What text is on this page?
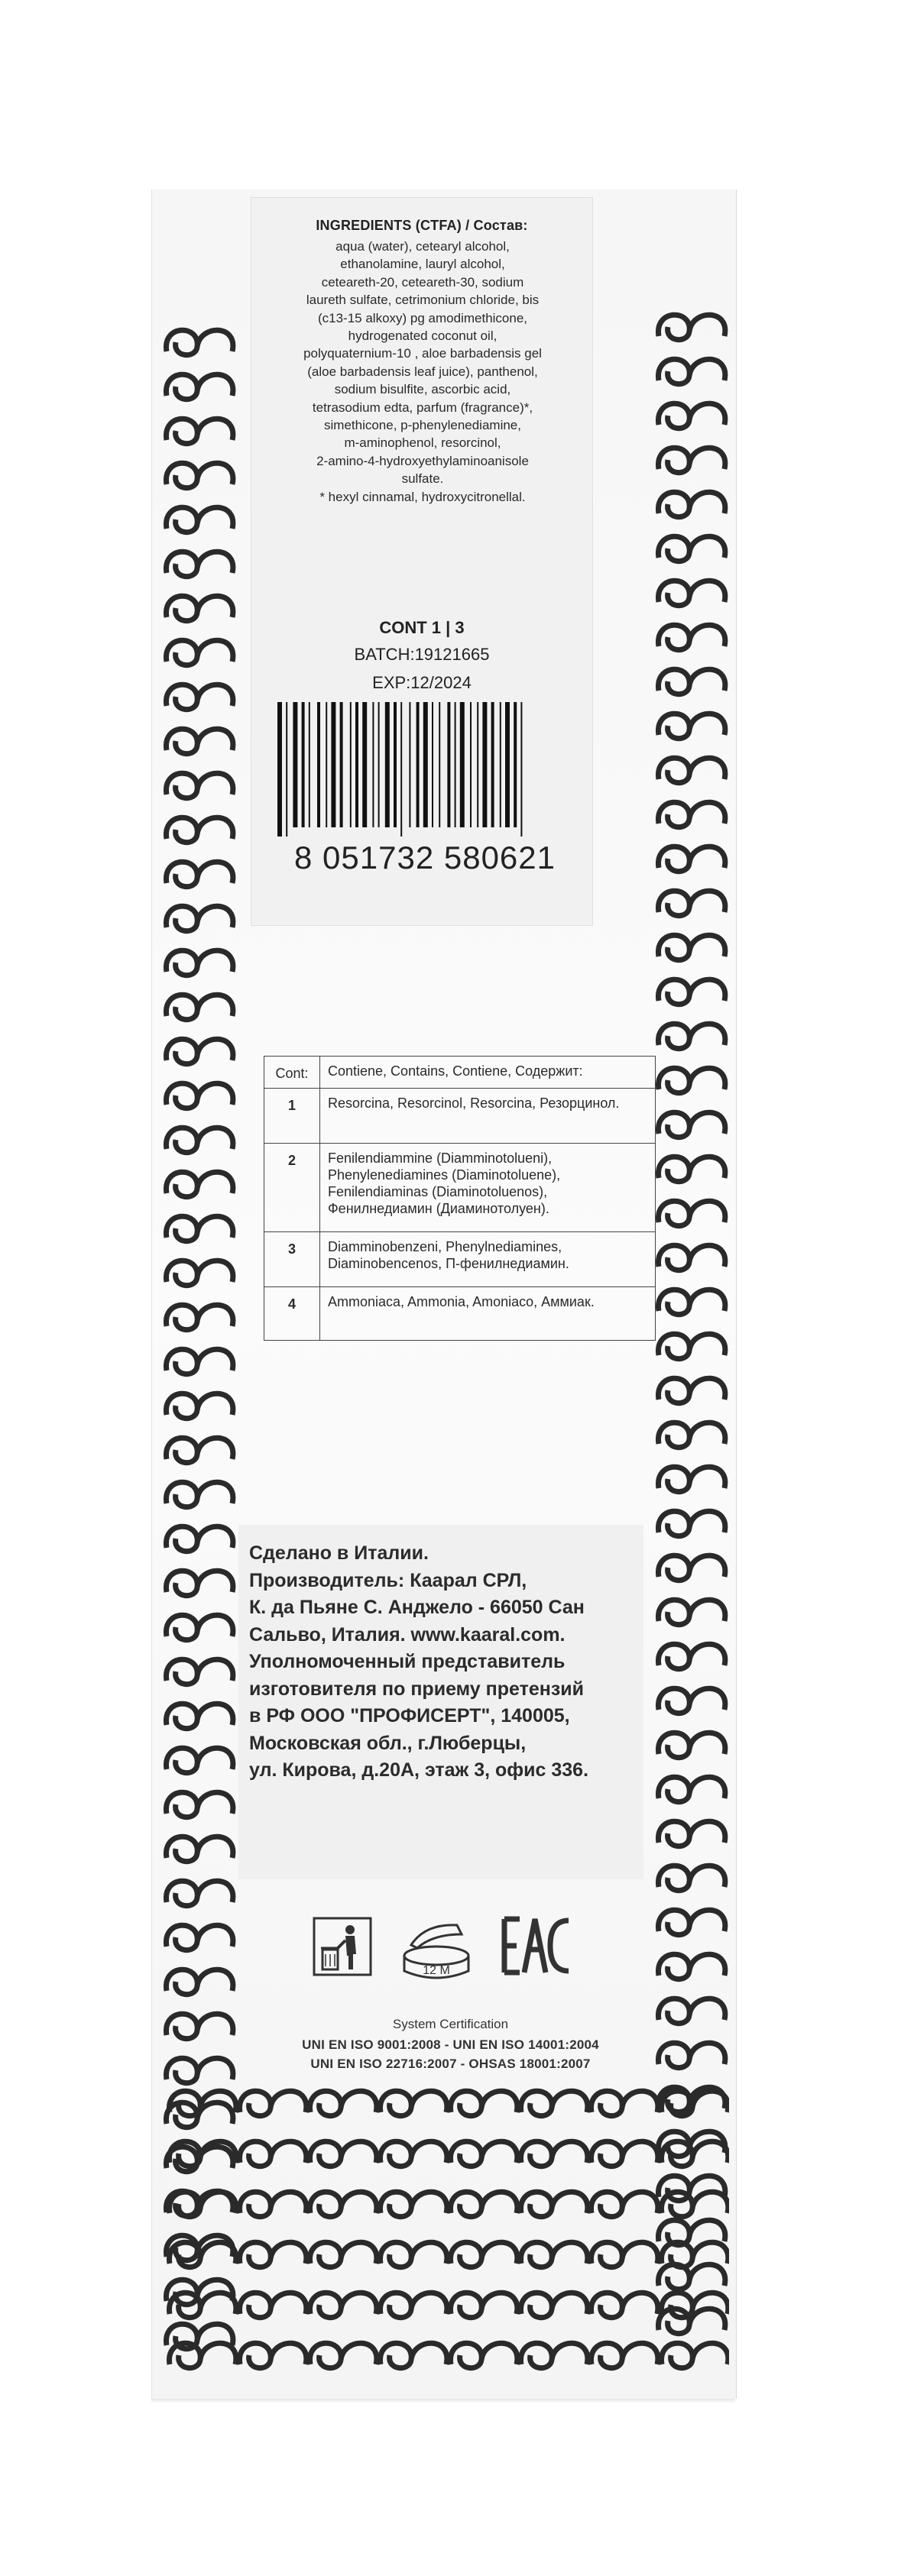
INGREDIENTS (CTFA) / Состав:
aqua (water), cetearyl alcohol,
ethanolamine, lauryl alcohol,
ceteareth-20, ceteareth-30, sodium
laureth sulfate, cetrimonium chloride, bis
(c13-15 alkoxy) pg amodimethicone,
hydrogenated coconut oil,
polyquaternium-10 , aloe barbadensis gel
(aloe barbadensis leaf juice), panthenol,
sodium bisulfite, ascorbic acid,
tetrasodium edta, parfum (fragrance)*,
simethicone, p-phenylenediamine,
m-aminophenol, resorcinol,
2-amino-4-hydroxyethylaminoanisole
sulfate.
* hexyl cinnamal, hydroxycitronellal.
CONT 1 | 3
BATCH:19121665
EXP:12/2024
8 051732 580621
Cont:	Contiene, Contains, Contiene, Содержит:
1	Resorcina, Resorcinol, Resorcina, Резорцинол.
2	Fenilendiammine (Diamminotolueni), Phenylenediamines (Diaminotoluene), Fenilendiaminas (Diaminotoluenos), Фенилнедиамин (Диаминотолуен).
3	Diamminobenzeni, Phenylnediamines, Diaminobencenos, П-фенилнедиамин.
4	Ammoniaca, Ammonia, Amoniaco, Аммиак.
Сделано в Италии.
Производитель: Каарал СРЛ,
К. да Пьяне С. Анджело - 66050 Сан
Сальво, Италия. www.kaaral.com.
Уполномоченный представитель
изготовителя по приему претензий
в РФ ООО "ПРОФИСЕРТ", 140005,
Московская обл., г.Люберцы,
ул. Кирова, д.20А, этаж 3, офис 336.
12 M
EAC
System Certification
UNI EN ISO 9001:2008 - UNI EN ISO 14001:2004
UNI EN ISO 22716:2007 - OHSAS 18001:2007
